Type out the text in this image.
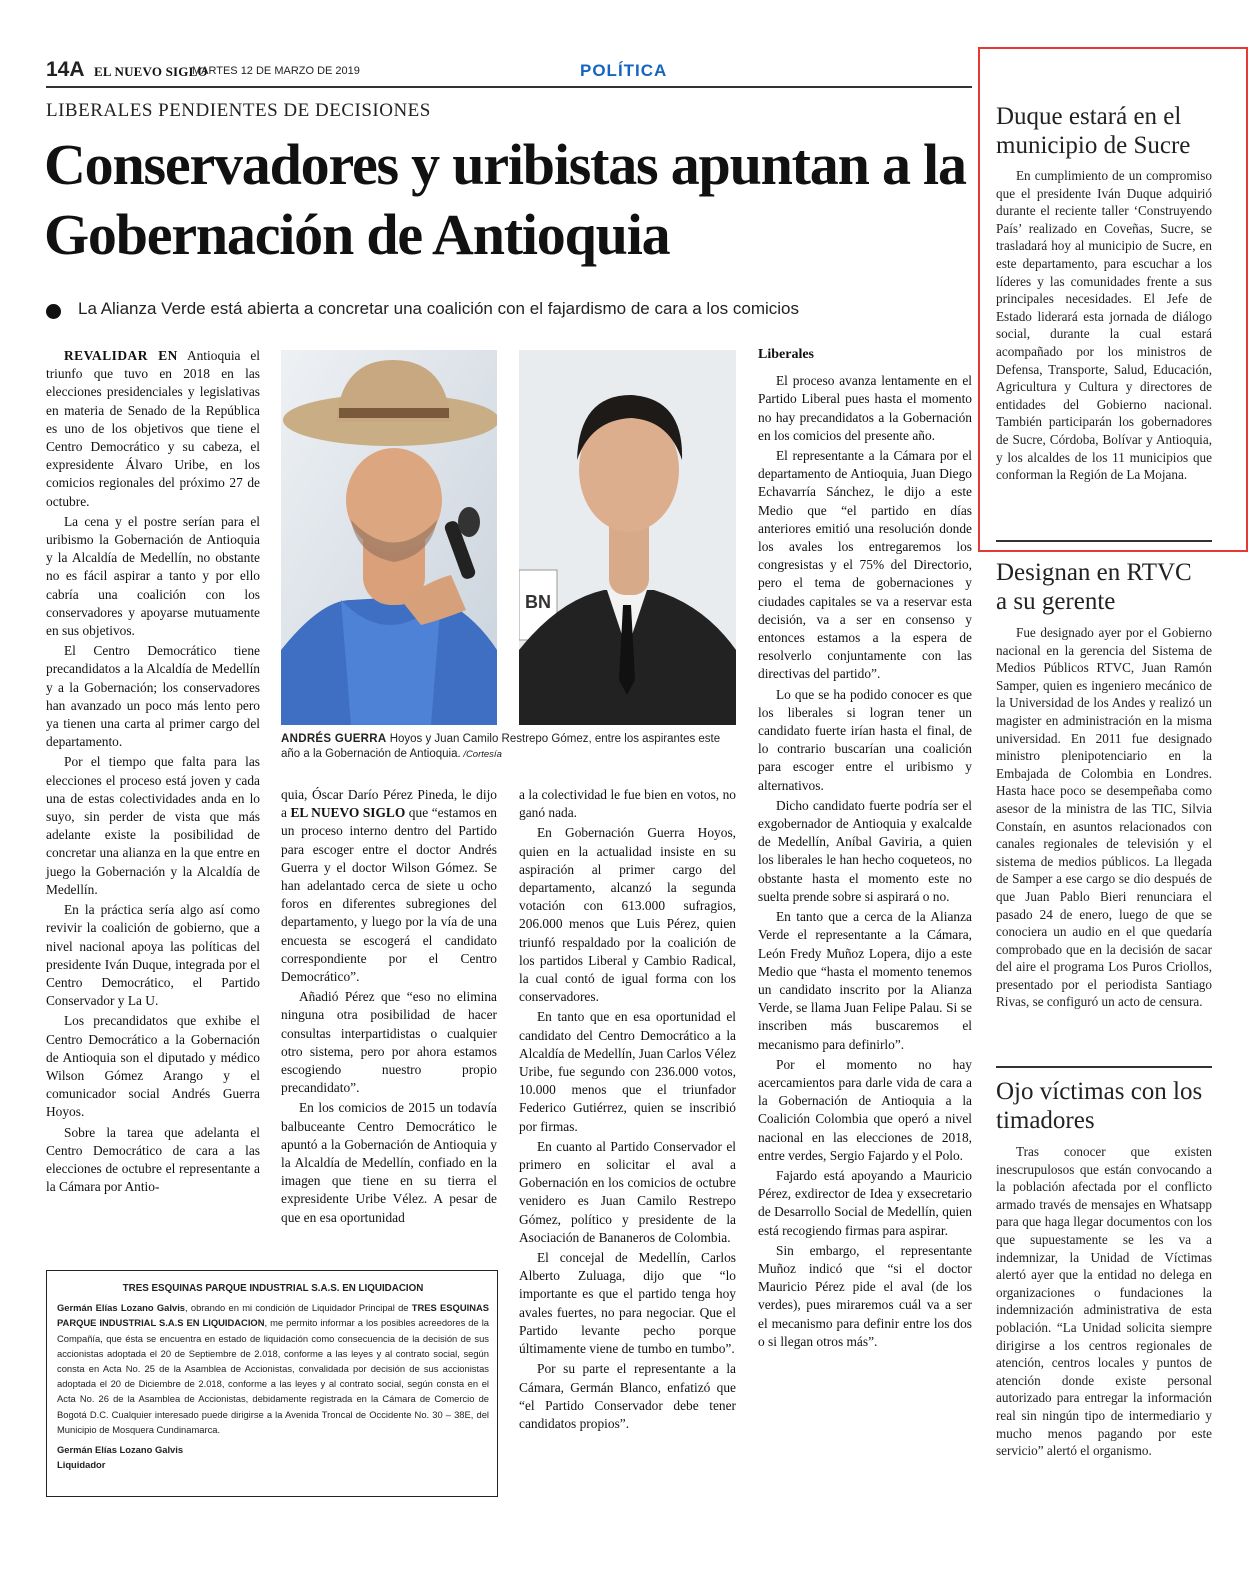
14A EL NUEVO SIGLO
MARTES 12 DE MARZO DE 2019	POLÍTICA
LIBERALES PENDIENTES DE DECISIONES
Conservadores y uribistas apuntan a la Gobernación de Antioquia
La Alianza Verde está abierta a concretar una coalición con el fajardismo de cara a los comicios

REVALIDAR EN Antioquia el triunfo que tuvo en 2018 en las elecciones presidenciales y legislativas en materia de Senado de la República es uno de los objetivos que tiene el Centro Democrático y su cabeza, el expresidente Álvaro Uribe, en los comicios regionales del próximo 27 de octubre.

La cena y el postre serían para el uribismo la Gobernación de Antioquia y la Alcaldía de Medellín, no obstante no es fácil aspirar a tanto y por ello cabría una coalición con los conservadores y apoyarse mutuamente en sus objetivos.

El Centro Democrático tiene precandidatos a la Alcaldía de Medellín y a la Gobernación; los conservadores han avanzado un poco más lento pero ya tienen una carta al primer cargo del departamento.

Por el tiempo que falta para las elecciones el proceso está joven y cada una de estas colectividades anda en lo suyo, sin perder de vista que más adelante existe la posibilidad de concretar una alianza en la que entre en juego la Gobernación y la Alcaldía de Medellín.

En la práctica sería algo así como revivir la coalición de gobierno, que a nivel nacional apoya las políticas del presidente Iván Duque, integrada por el Centro Democrático, el Partido Conservador y La U.

Los precandidatos que exhibe el Centro Democrático a la Gobernación de Antioquia son el diputado y médico Wilson Gómez Arango y el comunicador social Andrés Guerra Hoyos.

Sobre la tarea que adelanta el Centro Democrático de cara a las elecciones de octubre el representante a la Cámara por Antio-

BN
ANDRÉS GUERRA Hoyos y Juan Camilo Restrepo Gómez, entre los aspirantes este año a la Gobernación de Antioquia. /Cortesía

quia, Óscar Darío Pérez Pineda, le dijo a EL NUEVO SIGLO que “estamos en un proceso interno dentro del Partido para escoger entre el doctor Andrés Guerra y el doctor Wilson Gómez. Se han adelantado cerca de siete u ocho foros en diferentes subregiones del departamento, y luego por la vía de una encuesta se escogerá el candidato correspondiente por el Centro Democrático”.

Añadió Pérez que “eso no elimina ninguna otra posibilidad de hacer consultas interpartidistas o cualquier otro sistema, pero por ahora estamos escogiendo nuestro propio precandidato”.

En los comicios de 2015 un todavía balbuceante Centro Democrático le apuntó a la Gobernación de Antioquia y la Alcaldía de Medellín, confiado en la imagen que tiene en su tierra el expresidente Uribe Vélez. A pesar de que en esa oportunidad

a la colectividad le fue bien en votos, no ganó nada.

En Gobernación Guerra Hoyos, quien en la actualidad insiste en su aspiración al primer cargo del departamento, alcanzó la segunda votación con 613.000 sufragios, 206.000 menos que Luis Pérez, quien triunfó respaldado por la coalición de los partidos Liberal y Cambio Radical, la cual contó de igual forma con los conservadores.

En tanto que en esa oportunidad el candidato del Centro Democrático a la Alcaldía de Medellín, Juan Carlos Vélez Uribe, fue segundo con 236.000 votos, 10.000 menos que el triunfador Federico Gutiérrez, quien se inscribió por firmas.

En cuanto al Partido Conservador el primero en solicitar el aval a Gobernación en los comicios de octubre venidero es Juan Camilo Restrepo Gómez, político y presidente de la Asociación de Bananeros de Colombia.

El concejal de Medellín, Carlos Alberto Zuluaga, dijo que “lo importante es que el partido tenga hoy avales fuertes, no para negociar. Que el Partido levante pecho porque últimamente viene de tumbo en tumbo”.

Por su parte el representante a la Cámara, Germán Blanco, enfatizó que “el Partido Conservador debe tener candidatos propios”.

Liberales

El proceso avanza lentamente en el Partido Liberal pues hasta el momento no hay precandidatos a la Gobernación en los comicios del presente año.

El representante a la Cámara por el departamento de Antioquia, Juan Diego Echavarría Sánchez, le dijo a este Medio que “el partido en días anteriores emitió una resolución donde los avales los entregaremos los congresistas y el 75% del Directorio, pero el tema de gobernaciones y ciudades capitales se va a reservar esta decisión, va a ser en consenso y entonces estamos a la espera de resolverlo conjuntamente con las directivas del partido”.

Lo que se ha podido conocer es que los liberales si logran tener un candidato fuerte irían hasta el final, de lo contrario buscarían una coalición para escoger entre el uribismo y alternativos.

Dicho candidato fuerte podría ser el exgobernador de Antioquia y exalcalde de Medellín, Aníbal Gaviria, a quien los liberales le han hecho coqueteos, no obstante hasta el momento este no suelta prende sobre si aspirará o no.

En tanto que a cerca de la Alianza Verde el representante a la Cámara, León Fredy Muñoz Lopera, dijo a este Medio que “hasta el momento tenemos un candidato inscrito por la Alianza Verde, se llama Juan Felipe Palau. Si se inscriben más buscaremos el mecanismo para definirlo”.

Por el momento no hay acercamientos para darle vida de cara a la Gobernación de Antioquia a la Coalición Colombia que operó a nivel nacional en las elecciones de 2018, entre verdes, Sergio Fajardo y el Polo.

Fajardo está apoyando a Mauricio Pérez, exdirector de Idea y exsecretario de Desarrollo Social de Medellín, quien está recogiendo firmas para aspirar.

Sin embargo, el representante Muñoz indicó que “si el doctor Mauricio Pérez pide el aval (de los verdes), pues miraremos cuál va a ser el mecanismo para definir entre los dos o si llegan otros más”.

TRES ESQUINAS PARQUE INDUSTRIAL S.A.S. EN LIQUIDACION
Germán Elías Lozano Galvis, obrando en mi condición de Liquidador Principal de TRES ESQUINAS PARQUE INDUSTRIAL S.A.S EN LIQUIDACION, me permito informar a los posibles acreedores de la Compañía, que ésta se encuentra en estado de liquidación como consecuencia de la decisión de sus accionistas adoptada el 20 de Septiembre de 2.018, conforme a las leyes y al contrato social, según consta en Acta No. 25 de la Asamblea de Accionistas, convalidada por decisión de sus accionistas adoptada el 20 de Diciembre de 2.018, conforme a las leyes y al contrato social, según consta en el Acta No. 26 de la Asamblea de Accionistas, debidamente registrada en la Cámara de Comercio de Bogotá D.C. Cualquier interesado puede dirigirse a la Avenida Troncal de Occidente No. 30 – 38E, del Municipio de Mosquera Cundinamarca.
Germán Elías Lozano Galvis
Liquidador
Duque estará en el municipio de Sucre

En cumplimiento de un compromiso que el presidente Iván Duque adquirió durante el reciente taller ‘Construyendo País’ realizado en Coveñas, Sucre, se trasladará hoy al municipio de Sucre, en este departamento, para escuchar a los líderes y las comunidades frente a sus principales necesidades. El Jefe de Estado liderará esta jornada de diálogo social, durante la cual estará acompañado por los ministros de Defensa, Transporte, Salud, Educación, Agricultura y Cultura y directores de entidades del Gobierno nacional. También participarán los gobernadores de Sucre, Córdoba, Bolívar y Antioquia, y los alcaldes de los 11 municipios que conforman la Región de La Mojana.

Designan en RTVC a su gerente

Fue designado ayer por el Gobierno nacional en la gerencia del Sistema de Medios Públicos RTVC, Juan Ramón Samper, quien es ingeniero mecánico de la Universidad de los Andes y realizó un magister en administración en la misma universidad. En 2011 fue designado ministro plenipotenciario en la Embajada de Colombia en Londres. Hasta hace poco se desempeñaba como asesor de la ministra de las TIC, Silvia Constaín, en asuntos relacionados con canales regionales de televisión y el sistema de medios públicos. La llegada de Samper a ese cargo se dio después de que Juan Pablo Bieri renunciara el pasado 24 de enero, luego de que se conociera un audio en el que quedaría comprobado que en la decisión de sacar del aire el programa Los Puros Criollos, presentado por el periodista Santiago Rivas, se configuró un acto de censura.

Ojo víctimas con los timadores

Tras conocer que existen inescrupulosos que están convocando a la población afectada por el conflicto armado través de mensajes en Whatsapp para que haga llegar documentos con los que supuestamente se les va a indemnizar, la Unidad de Víctimas alertó ayer que la entidad no delega en organizaciones o fundaciones la indemnización administrativa de esta población. “La Unidad solicita siempre dirigirse a los centros regionales de atención, centros locales y puntos de atención donde existe personal autorizado para entregar la información real sin ningún tipo de intermediario y mucho menos pagando por este servicio” alertó el organismo.
